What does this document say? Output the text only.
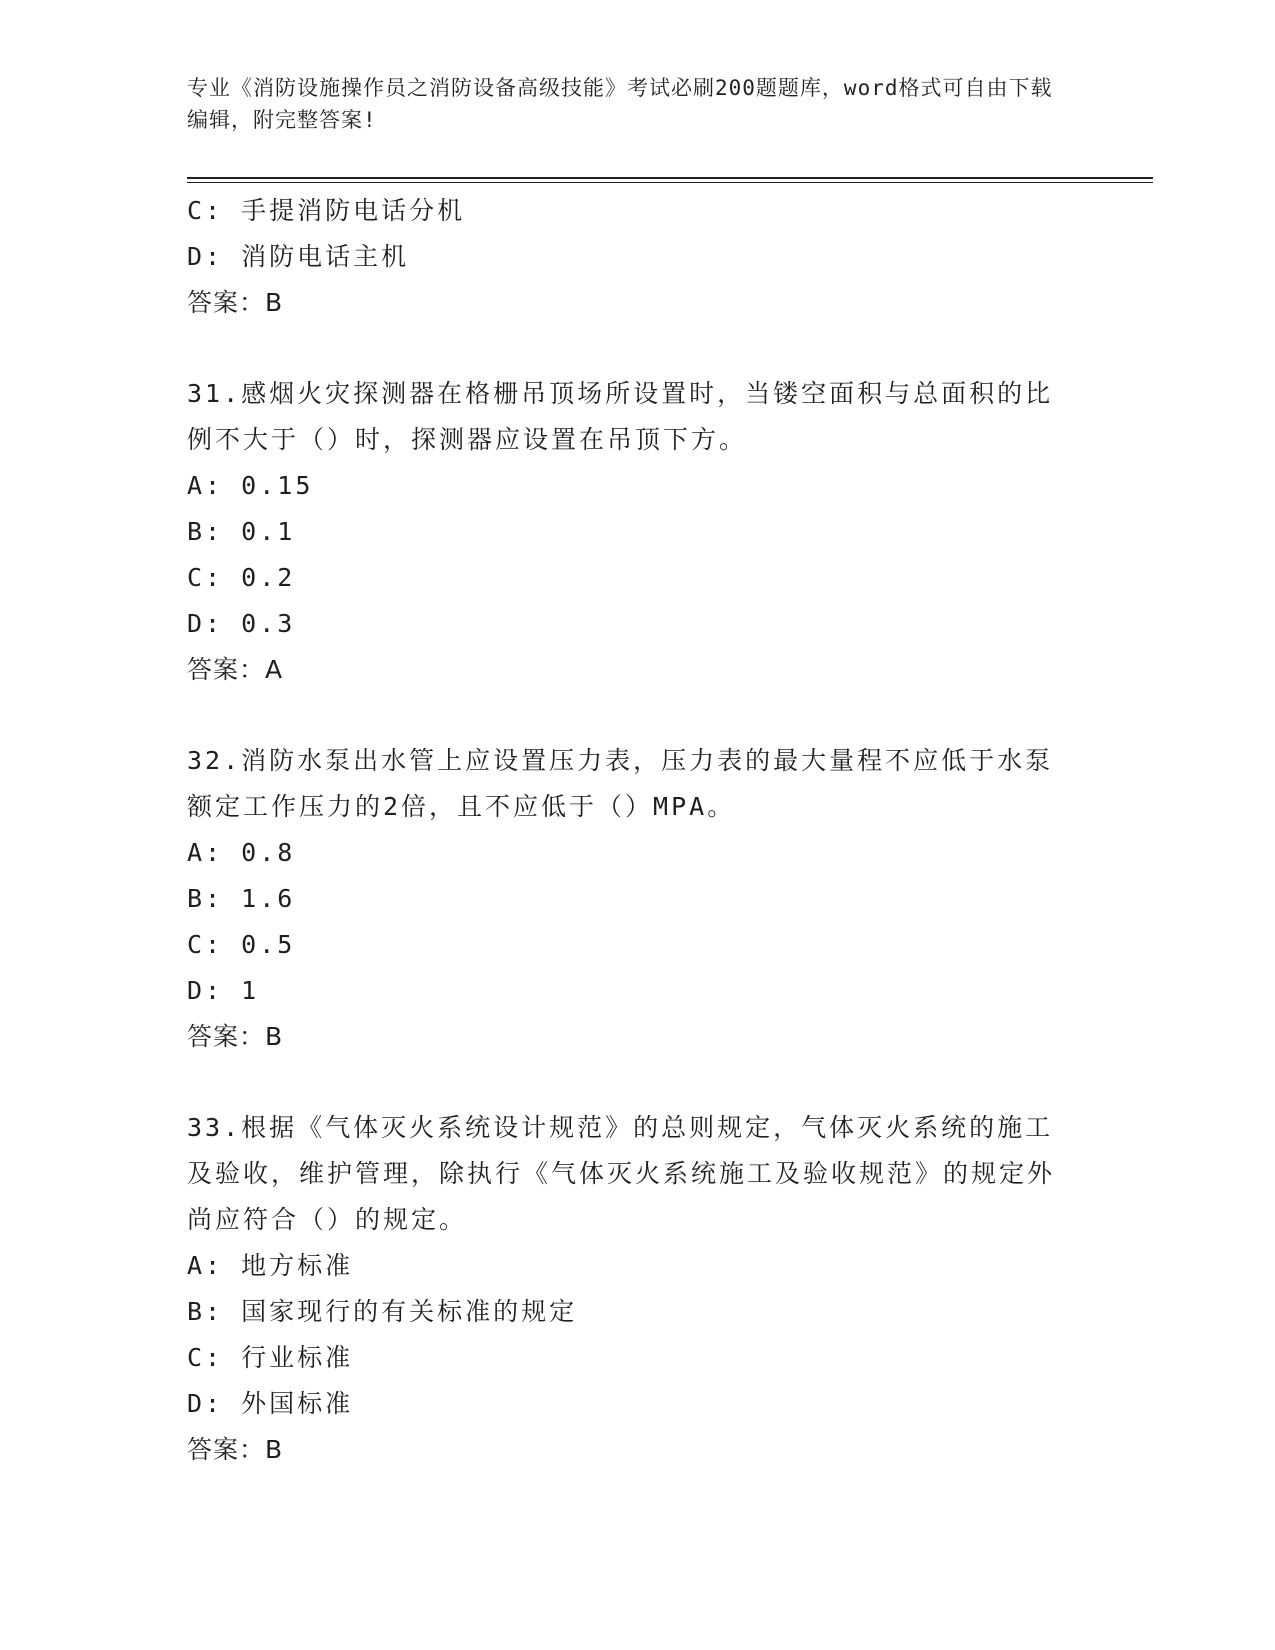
专业《消防设施操作员之消防设备高级技能》考试必刷200题题库，word格式可自由下载编辑，附完整答案!
C: 手提消防电话分机
D: 消防电话主机
答案：B
31.感烟火灾探测器在格栅吊顶场所设置时，当镂空面积与总面积的比例不大于（）时，探测器应设置在吊顶下方。
A: 0.15
B: 0.1
C: 0.2
D: 0.3
答案：A
32.消防水泵出水管上应设置压力表，压力表的最大量程不应低于水泵额定工作压力的2倍，且不应低于（）MPA。
A: 0.8
B: 1.6
C: 0.5
D: 1
答案：B
33.根据《气体灭火系统设计规范》的总则规定，气体灭火系统的施工及验收，维护管理，除执行《气体灭火系统施工及验收规范》的规定外尚应符合（）的规定。
A: 地方标准
B: 国家现行的有关标准的规定
C: 行业标准
D: 外国标准
答案：B
